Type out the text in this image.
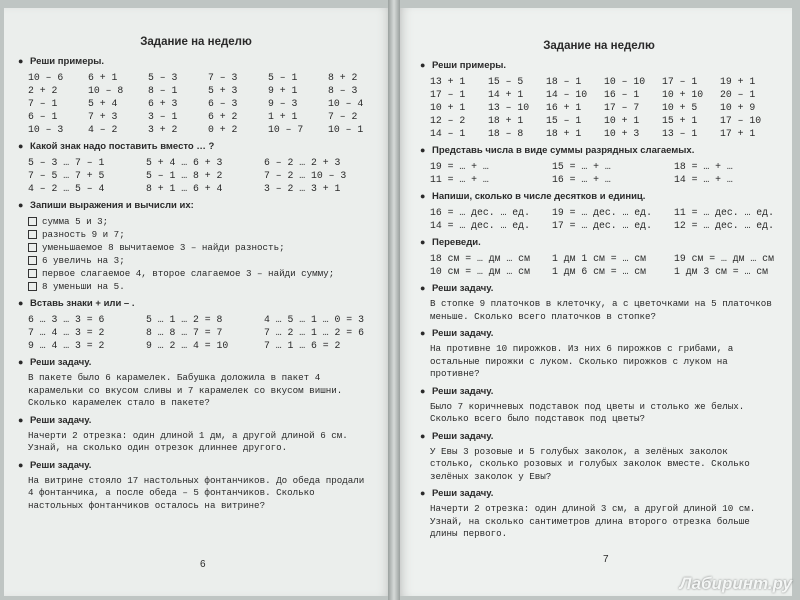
Задание на неделю
● Реши примеры.
10 – 6	6 + 1	5 – 3	7 – 3	5 – 1	8 + 2
2 + 2	10 – 8	8 – 1	5 + 3	9 + 1	8 – 3
7 – 1	5 + 4	6 + 3	6 – 3	9 – 3	10 – 4
6 – 1	7 + 3	3 – 1	6 + 2	1 + 1	7 – 2
10 – 3	4 – 2	3 + 2	0 + 2	10 – 7	10 – 1
● Какой знак надо поставить вместо … ?
5 – 3 … 7 – 1	5 + 4 … 6 + 3	6 – 2 … 2 + 3
7 – 5 … 7 + 5	5 – 1 … 8 + 2	7 – 2 … 10 – 3
4 – 2 … 5 – 4	8 + 1 … 6 + 4	3 – 2 … 3 + 1
● Запиши выражения и вычисли их:
сумма 5 и 3;
разность 9 и 7;
уменьшаемое 8 вычитаемое 3 – найди разность;
6 увеличь на 3;
первое слагаемое 4, второе слагаемое 3 – найди сумму;
8 уменьши на 5.
● Вставь знаки + или – .
6 … 3 … 3 = 6	5 … 1 … 2 = 8	4 … 5 … 1 … 0 = 3
7 … 4 … 3 = 2	8 … 8 … 7 = 7	7 … 2 … 1 … 2 = 6
9 … 4 … 3 = 2	9 … 2 … 4 = 10	7 … 1 … 6 = 2
● Реши задачу.
В пакете было 6 карамелек. Бабушка доложила в пакет 4 карамельки со вкусом сливы и 7 карамелек со вкусом вишни. Сколько карамелек стало в пакете?
● Реши задачу.
Начерти 2 отрезка: один длиной 1 дм, а другой длиной 6 см. Узнай, на сколько один отрезок длиннее другого.
● Реши задачу.
На витрине стояло 17 настольных фонтанчиков. До обеда продали 4 фонтанчика, а после обеда – 5 фонтанчиков. Сколько настольных фонтанчиков осталось на витрине?
6
Задание на неделю
● Реши примеры.
13 + 1	15 – 5	18 – 1	10 – 10	17 – 1	19 + 1
17 – 1	14 + 1	14 – 10	16 – 1	10 + 10	20 – 1
10 + 1	13 – 10	16 + 1	17 – 7	10 + 5	10 + 9
12 – 2	18 + 1	15 – 1	10 + 1	15 + 1	17 – 10
14 – 1	18 – 8	18 + 1	10 + 3	13 – 1	17 + 1
● Представь числа в виде суммы разрядных слагаемых.
19 = … + …	15 = … + …	18 = … + …
11 = … + …	16 = … + …	14 = … + …
● Напиши, сколько в числе десятков и единиц.
16 = … дес. … ед.	19 = … дес. … ед.	11 = … дес. … ед.
14 = … дес. … ед.	17 = … дес. … ед.	12 = … дес. … ед.
● Переведи.
18 см = … дм … см	1 дм 1 см = … см	19 см = … дм … см
10 см = … дм … см	1 дм 6 см = … см	1 дм 3 см = … см
● Реши задачу.
В стопке 9 платочков в клеточку, а с цветочками на 5 платочков меньше. Сколько всего платочков в стопке?
● Реши задачу.
На противне 10 пирожков. Из них 6 пирожков с грибами, а остальные пирожки с луком. Сколько пирожков с луком на противне?
● Реши задачу.
Было 7 коричневых подставок под цветы и столько же белых. Сколько всего было подставок под цветы?
● Реши задачу.
У Евы 3 розовые и 5 голубых заколок, а зелёных заколок столько, сколько розовых и голубых заколок вместе. Сколько зелёных заколок у Евы?
● Реши задачу.
Начерти 2 отрезка: один длиной 3 см, а другой длиной 10 см. Узнай, на сколько сантиметров длина второго отрезка больше длины первого.
7
Лабиринт.ру
